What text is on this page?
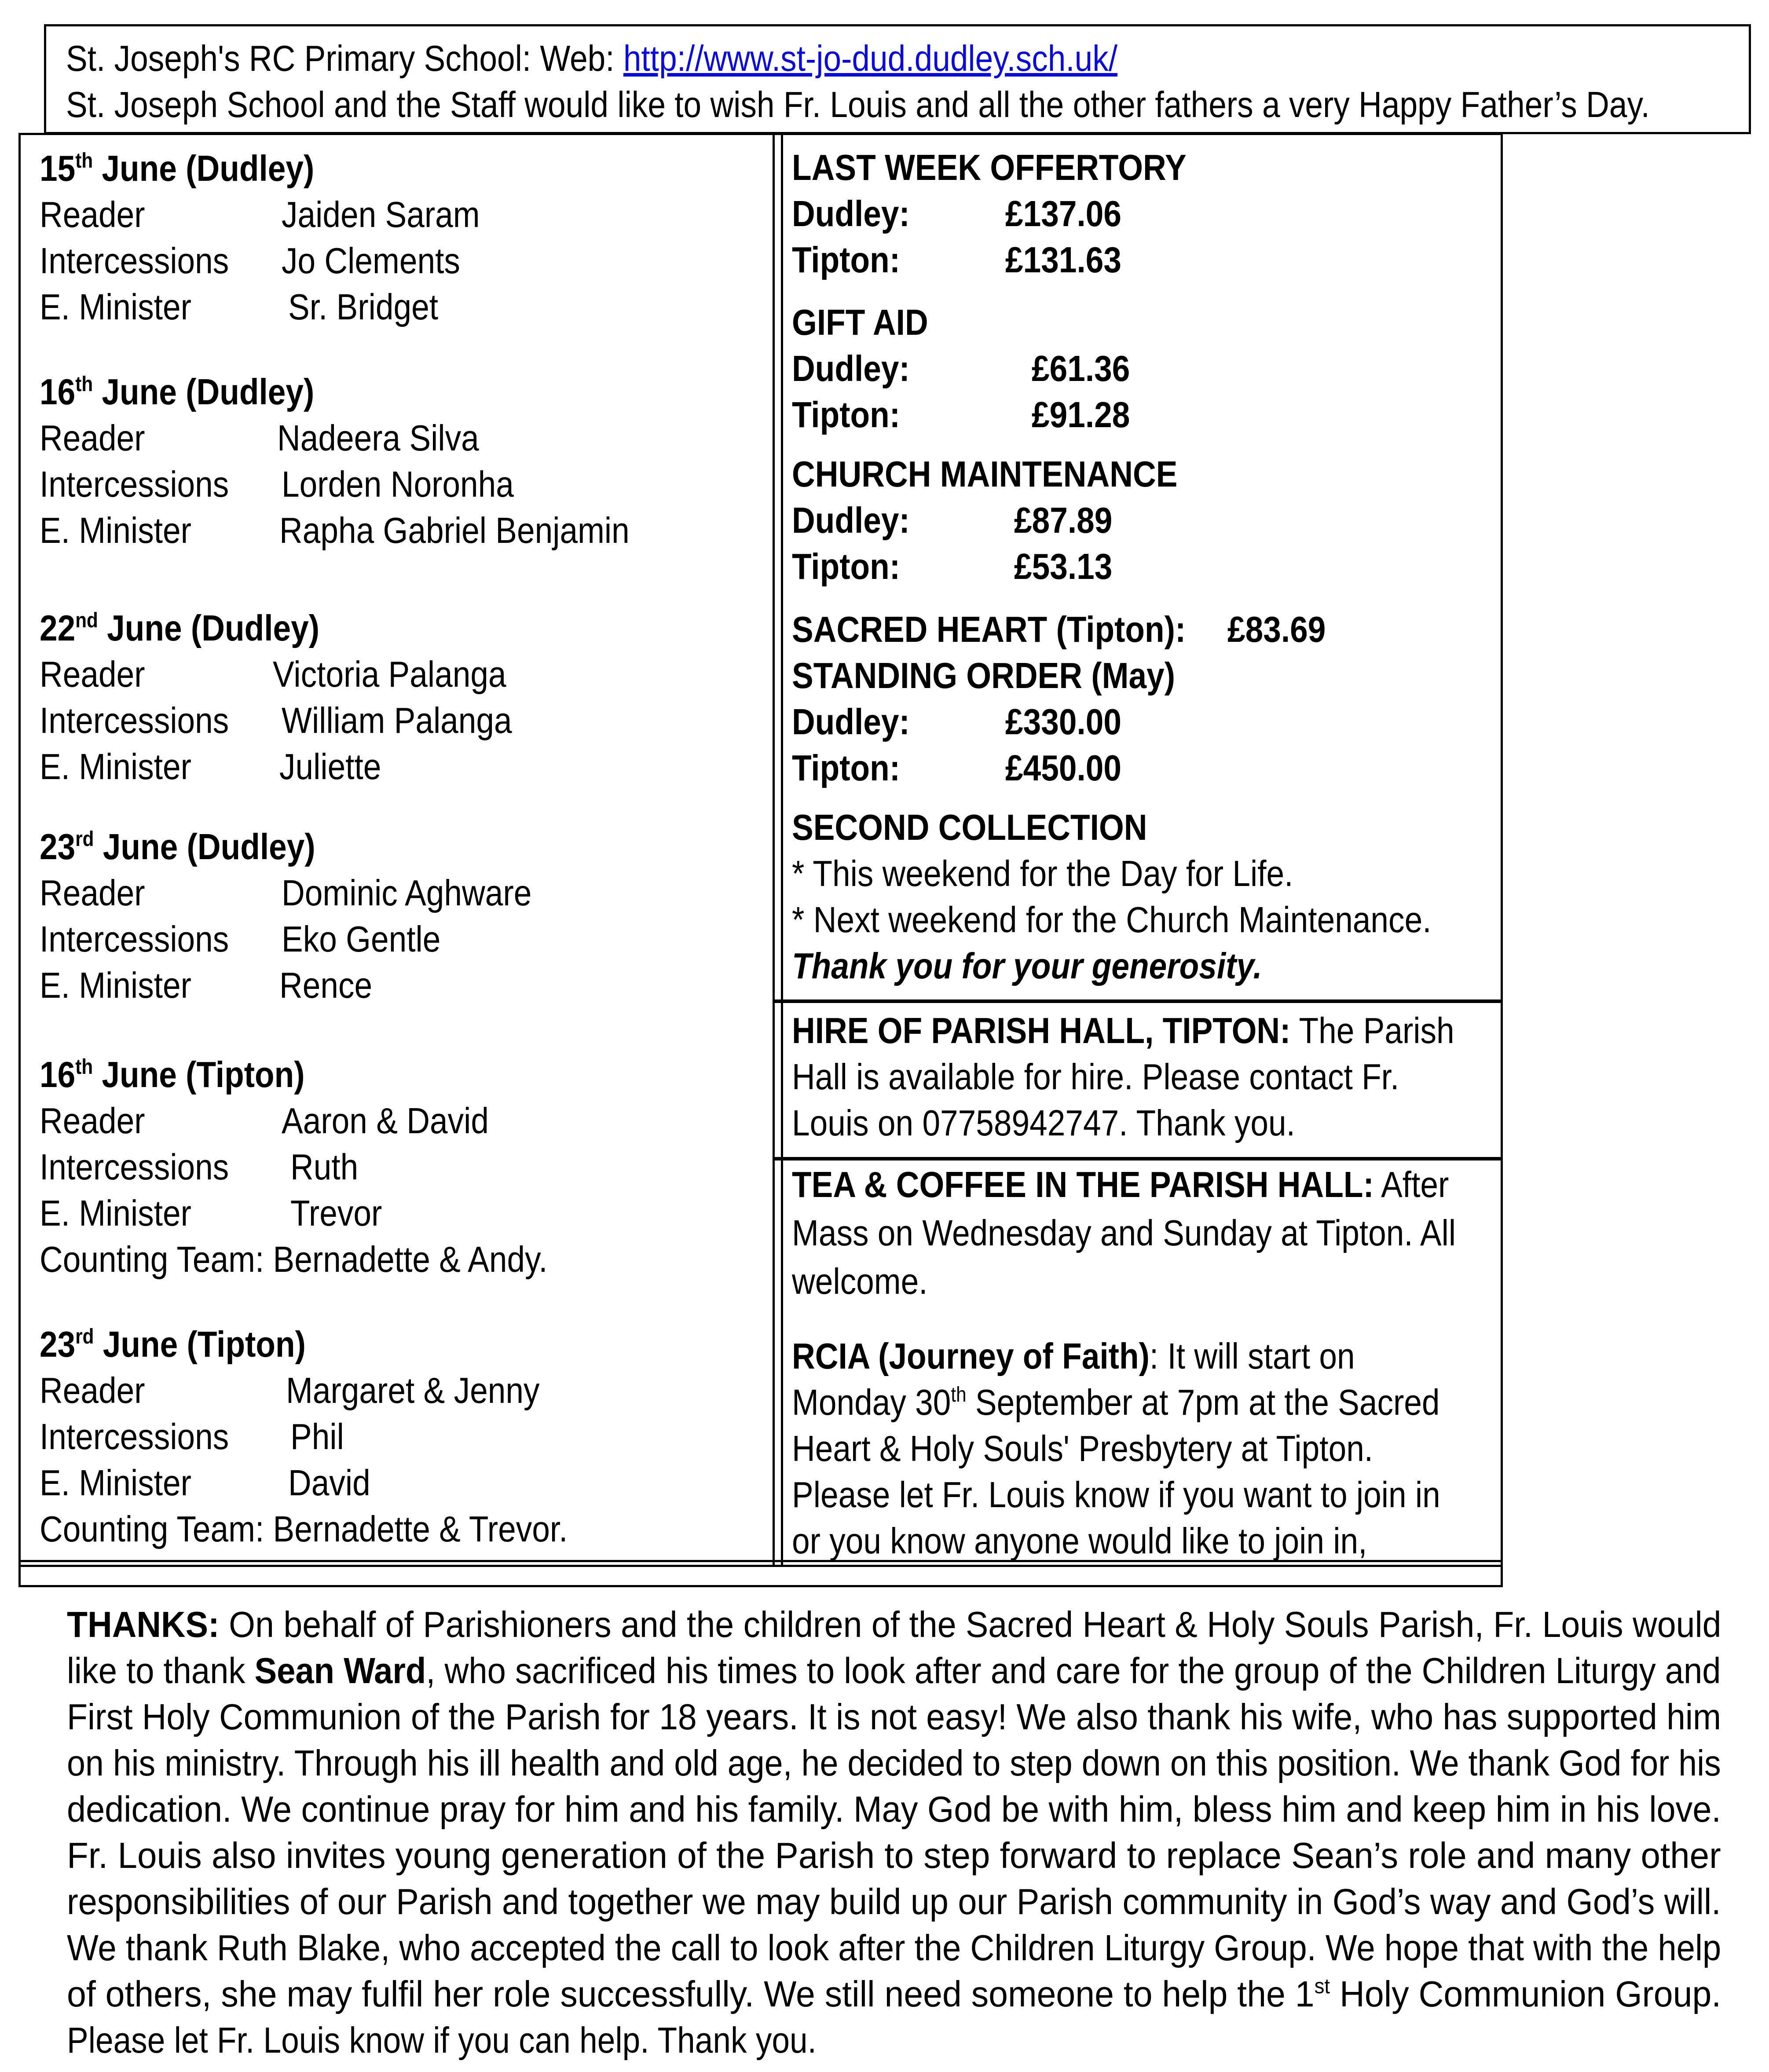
St. Joseph's RC Primary School: Web: http://www.st-jo-dud.dudley.sch.uk/
St. Joseph School and the Staff would like to wish Fr. Louis and all the other fathers a very Happy Father’s Day.
15th June (Dudley)
Reader	Jaiden Saram
Intercessions Jo Clements
E. Minister	Sr. Bridget
16th June (Dudley)
Reader	Nadeera Silva
Intercessions Lorden Noronha
E. Minister Rapha Gabriel Benjamin
22nd June (Dudley)
Reader	Victoria Palanga
Intercessions William Palanga
E. Minister Juliette
23rd June (Dudley)
Reader	Dominic Aghware
Intercessions Eko Gentle
E. Minister Rence
16th June (Tipton)
Reader	Aaron & David
Intercessions Ruth
E. Minister	Trevor
Counting Team: Bernadette & Andy.
23rd June (Tipton)
Reader	Margaret & Jenny
Intercessions Phil
E. Minister	David
Counting Team: Bernadette & Trevor.
LAST WEEK OFFERTORY
Dudley:	£137.06
Tipton:	£131.63
GIFT AID
Dudley:	£61.36
Tipton:	£91.28
CHURCH MAINTENANCE
Dudley:	£87.89
Tipton:	£53.13
SACRED HEART (Tipton): £83.69
STANDING ORDER (May)
Dudley:	£330.00
Tipton:	£450.00
SECOND COLLECTION
* This weekend for the Day for Life.
* Next weekend for the Church Maintenance.
Thank you for your generosity.
HIRE OF PARISH HALL, TIPTON: The Parish
Hall is available for hire. Please contact Fr.
Louis on 07758942747. Thank you.
TEA & COFFEE IN THE PARISH HALL: After
Mass on Wednesday and Sunday at Tipton. All
welcome.
RCIA (Journey of Faith): It will start on
Monday 30th September at 7pm at the Sacred
Heart & Holy Souls' Presbytery at Tipton.
Please let Fr. Louis know if you want to join in
or you know anyone would like to join in,
THANKS: On behalf of Parishioners and the children of the Sacred Heart & Holy Souls Parish, Fr. Louis would
like to thank Sean Ward, who sacrificed his times to look after and care for the group of the Children Liturgy and
First Holy Communion of the Parish for 18 years. It is not easy! We also thank his wife, who has supported him
on his ministry. Through his ill health and old age, he decided to step down on this position. We thank God for his
dedication. We continue pray for him and his family. May God be with him, bless him and keep him in his love.
Fr. Louis also invites young generation of the Parish to step forward to replace Sean’s role and many other
responsibilities of our Parish and together we may build up our Parish community in God’s way and God’s will.
We thank Ruth Blake, who accepted the call to look after the Children Liturgy Group. We hope that with the help
of others, she may fulfil her role successfully. We still need someone to help the 1st Holy Communion Group.
Please let Fr. Louis know if you can help. Thank you.
